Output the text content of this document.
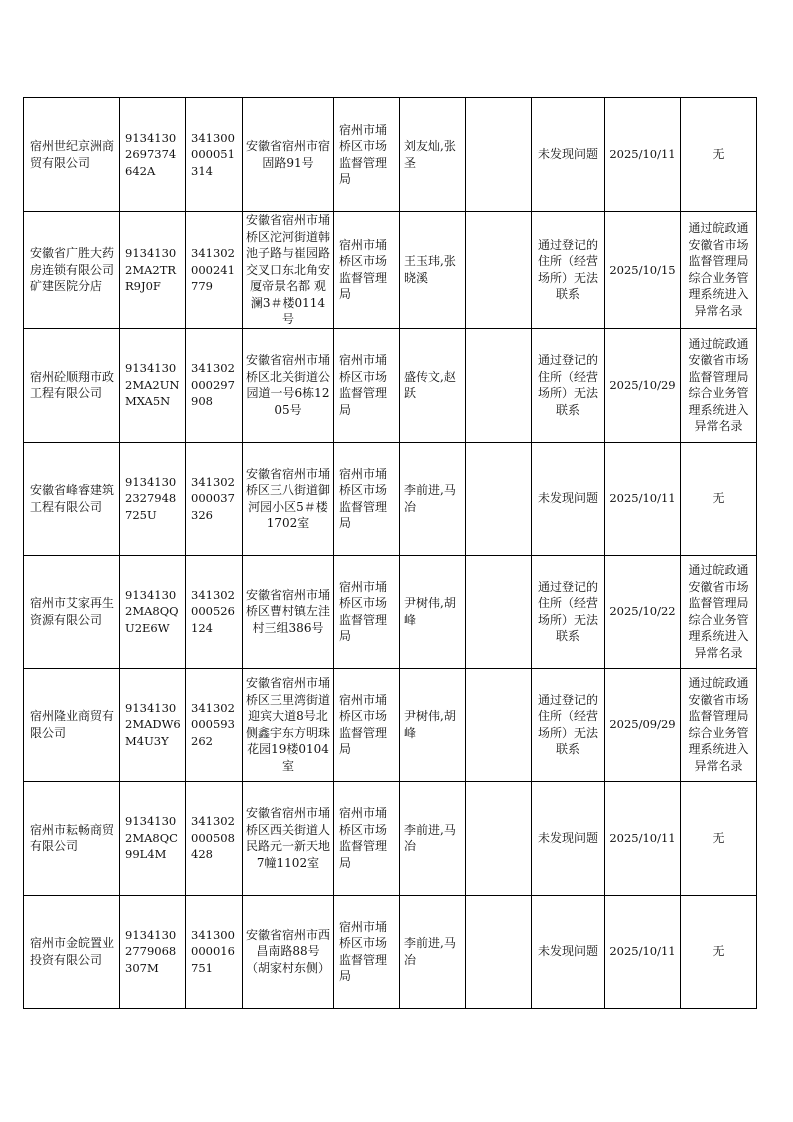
宿州世纪京洲商贸有限公司	91341302697374642A	341300000051314	安徽省宿州市宿固路91号	宿州市埇桥区市场监督管理局	刘友灿,张圣		未发现问题	2025/10/11	无
安徽省广胜大药房连锁有限公司矿建医院分店	91341302MA2TRR9J0F	341302000241779	安徽省宿州市埇桥区沱河街道韩池子路与崔园路交叉口东北角安厦帝景名都 观澜3＃楼0114号	宿州市埇桥区市场监督管理局	王玉玮,张晓溪		通过登记的住所（经营场所）无法联系	2025/10/15	通过皖政通安徽省市场监督管理局综合业务管理系统进入异常名录
宿州砼顺翔市政工程有限公司	91341302MA2UNMXA5N	341302000297908	安徽省宿州市埇桥区北关街道公园道一号6栋1205号	宿州市埇桥区市场监督管理局	盛传文,赵跃		通过登记的住所（经营场所）无法联系	2025/10/29	通过皖政通安徽省市场监督管理局综合业务管理系统进入异常名录
安徽省峰睿建筑工程有限公司	91341302327948725U	341302000037326	安徽省宿州市埇桥区三八街道御河园小区5＃楼1702室	宿州市埇桥区市场监督管理局	李前进,马冶		未发现问题	2025/10/11	无
宿州市艾家再生资源有限公司	91341302MA8QQU2E6W	341302000526124	安徽省宿州市埇桥区曹村镇左洼村三组386号	宿州市埇桥区市场监督管理局	尹树伟,胡峰		通过登记的住所（经营场所）无法联系	2025/10/22	通过皖政通安徽省市场监督管理局综合业务管理系统进入异常名录
宿州隆业商贸有限公司	91341302MADW6M4U3Y	341302000593262	安徽省宿州市埇桥区三里湾街道迎宾大道8号北侧鑫宇东方明珠花园19楼0104室	宿州市埇桥区市场监督管理局	尹树伟,胡峰		通过登记的住所（经营场所）无法联系	2025/09/29	通过皖政通安徽省市场监督管理局综合业务管理系统进入异常名录
宿州市耘畅商贸有限公司	91341302MA8QC99L4M	341302000508428	安徽省宿州市埇桥区西关街道人民路元一新天地7幢1102室	宿州市埇桥区市场监督管理局	李前进,马冶		未发现问题	2025/10/11	无
宿州市金皖置业投资有限公司	91341302779068307M	341300000016751	安徽省宿州市西昌南路88号（胡家村东侧）	宿州市埇桥区市场监督管理局	李前进,马冶		未发现问题	2025/10/11	无
